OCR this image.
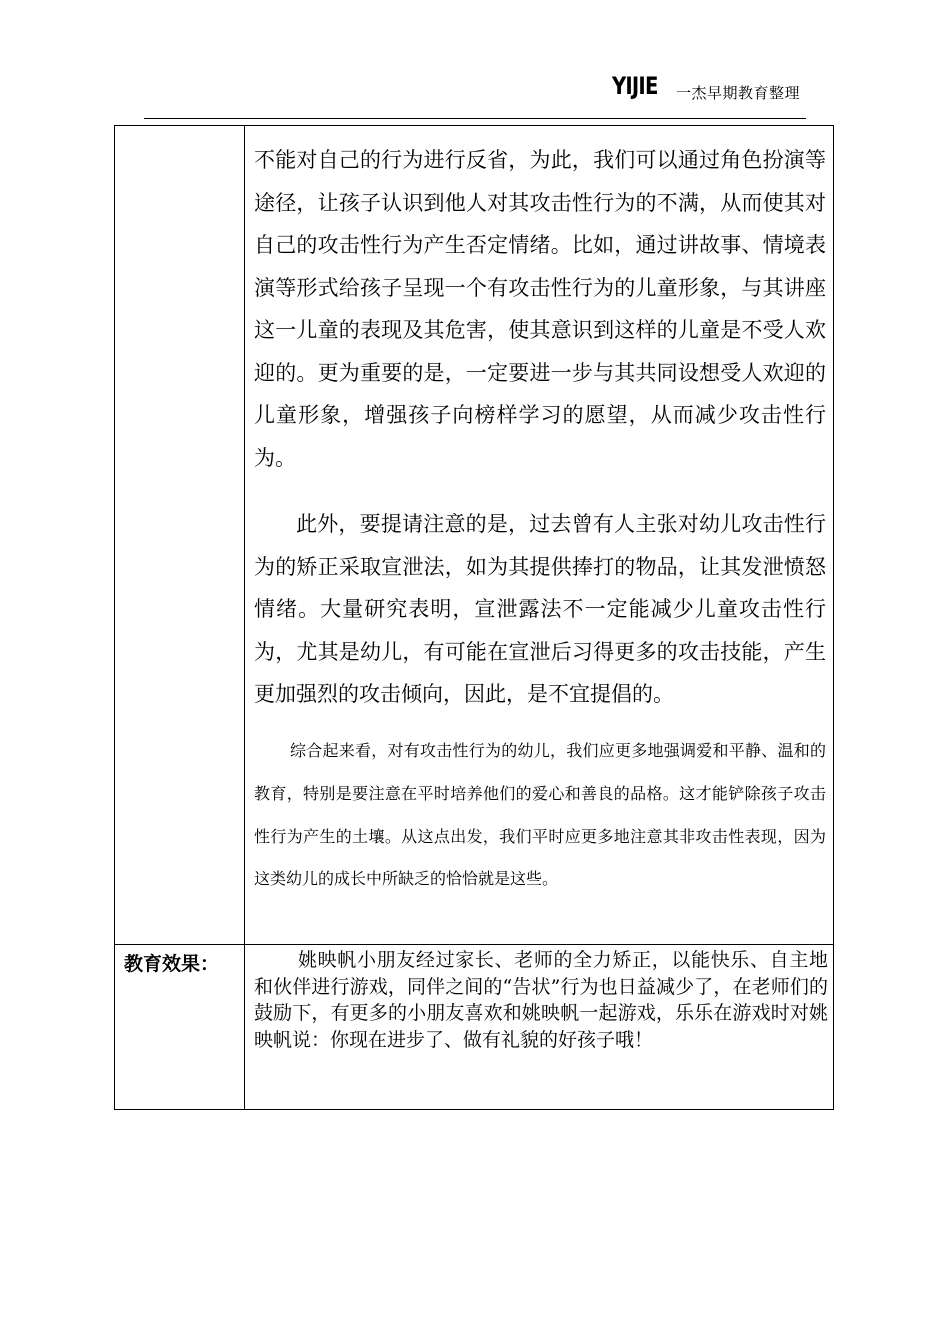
YIJIE 一杰早期教育整理

不能对自己的行为进行反省，为此，我们可以通过角色扮演等途径，让孩子认识到他人对其攻击性行为的不满，从而使其对自己的攻击性行为产生否定情绪。比如，通过讲故事、情境表演等形式给孩子呈现一个有攻击性行为的儿童形象，与其讲座这一儿童的表现及其危害，使其意识到这样的儿童是不受人欢迎的。更为重要的是，一定要进一步与其共同设想受人欢迎的儿童形象，增强孩子向榜样学习的愿望，从而减少攻击性行为。

此外，要提请注意的是，过去曾有人主张对幼儿攻击性行为的矫正采取宣泄法，如为其提供捧打的物品，让其发泄愤怒情绪。大量研究表明，宣泄露法不一定能减少儿童攻击性行为，尤其是幼儿，有可能在宣泄后习得更多的攻击技能，产生更加强烈的攻击倾向，因此，是不宜提倡的。

综合起来看，对有攻击性行为的幼儿，我们应更多地强调爱和平静、温和的教育，特别是要注意在平时培养他们的爱心和善良的品格。这才能铲除孩子攻击性行为产生的土壤。从这点出发，我们平时应更多地注意其非攻击性表现，因为这类幼儿的成长中所缺乏的恰恰就是这些。

教育效果：	姚映帆小朋友经过家长、老师的全力矫正，以能快乐、自主地和伙伴进行游戏，同伴之间的“告状”行为也日益减少了，在老师们的鼓励下，有更多的小朋友喜欢和姚映帆一起游戏，乐乐在游戏时对姚映帆说：你现在进步了、做有礼貌的好孩子哦！
